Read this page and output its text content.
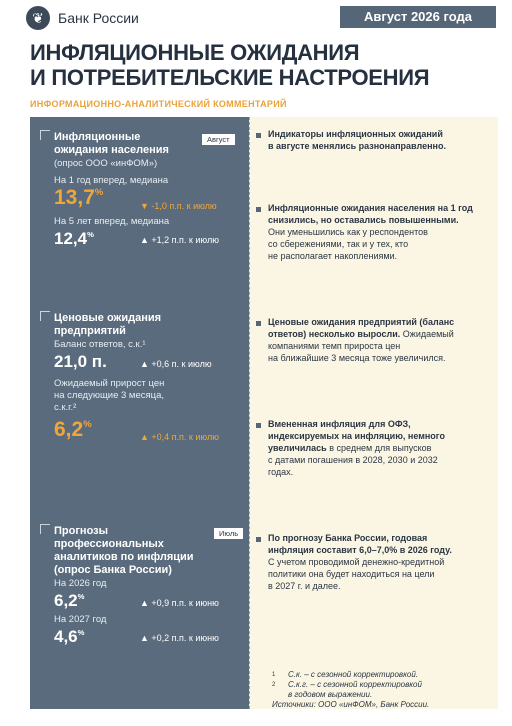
❦	Банк России	Август 2026 года
ИНФЛЯЦИОННЫЕ ОЖИДАНИЯ
И ПОТРЕБИТЕЛЬСКИЕ НАСТРОЕНИЯ
ИНФОРМАЦИОННО-АНАЛИТИЧЕСКИЙ КОММЕНТАРИЙ
Август
Инфляционные
ожидания населения
(опрос ООО «инФОМ»)
На 1 год вперед, медиана
13,7%
▼ -1,0 п.п. к июлю
На 5 лет вперед, медиана
12,4%
▲ +1,2 п.п. к июлю
Ценовые ожидания
предприятий
Баланс ответов, с.к.¹
21,0 п.	▲ +0,6 п. к июлю
Ожидаемый прирост цен
на следующие 3 месяца,
с.к.г.²
6,2%
▲ +0,4 п.п. к июлю
Июль
Прогнозы
профессиональных
аналитиков по инфляции
(опрос Банка России)
На 2026 год
6,2%
▲ +0,9 п.п. к июню
На 2027 год
4,6%
▲ +0,2 п.п. к июню
Индикаторы инфляционных ожиданий
в августе менялись разнонаправленно.
Инфляционные ожидания населения на 1 год
снизились, но оставались повышенными.
Они уменьшились как у респондентов
со сбережениями, так и у тех, кто
не располагает накоплениями.
Ценовые ожидания предприятий (баланс
ответов) несколько выросли. Ожидаемый
компаниями темп прироста цен
на ближайшие 3 месяца тоже увеличился.
Вмененная инфляция для ОФЗ,
индексируемых на инфляцию, немного
увеличилась в среднем для выпусков
с датами погашения в 2028, 2030 и 2032
годах.
По прогнозу Банка России, годовая
инфляция составит 6,0–7,0% в 2026 году.
С учетом проводимой денежно-кредитной
политики она будет находиться на цели
в 2027 г. и далее.
1 С.к. – с сезонной корректировкой.
2 С.к.г. – с сезонной корректировкой
в годовом выражении.
Источники: ООО «инФОМ», Банк России.
